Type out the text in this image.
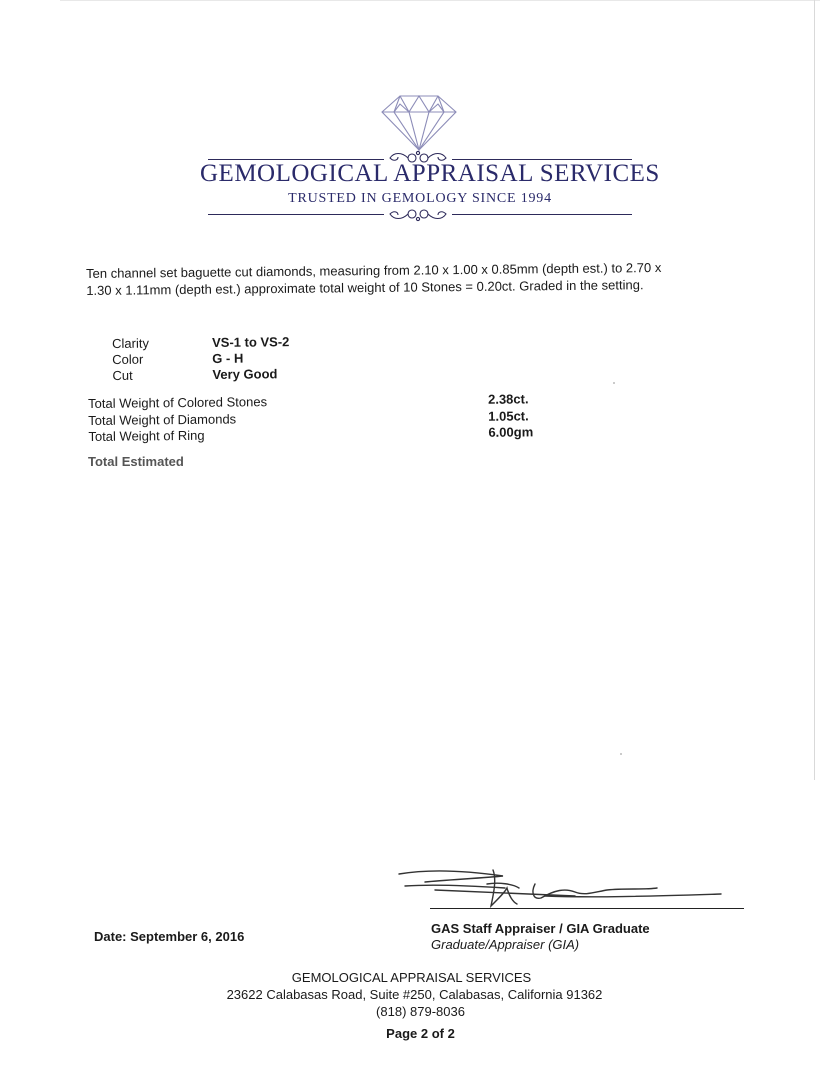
GEMOLOGICAL APPRAISAL SERVICES
TRUSTED IN GEMOLOGY SINCE 1994
Ten channel set baguette cut diamonds, measuring from 2.10 x 1.00 x 0.85mm (depth est.) to 2.70 x 1.30 x 1.11mm (depth est.) approximate total weight of 10 Stones = 0.20ct. Graded in the setting.
Clarity	VS-1 to VS-2
Color	G - H
Cut	Very Good
Total Weight of Colored Stones	2.38ct.
Total Weight of Diamonds	1.05ct.
Total Weight of Ring	6.00gm
Total Estimated
Date: September 6, 2016
GAS Staff Appraiser / GIA Graduate
Graduate/Appraiser (GIA)
GEMOLOGICAL APPRAISAL SERVICES
23622 Calabasas Road, Suite #250, Calabasas, California 91362
(818) 879-8036
Page 2 of 2
